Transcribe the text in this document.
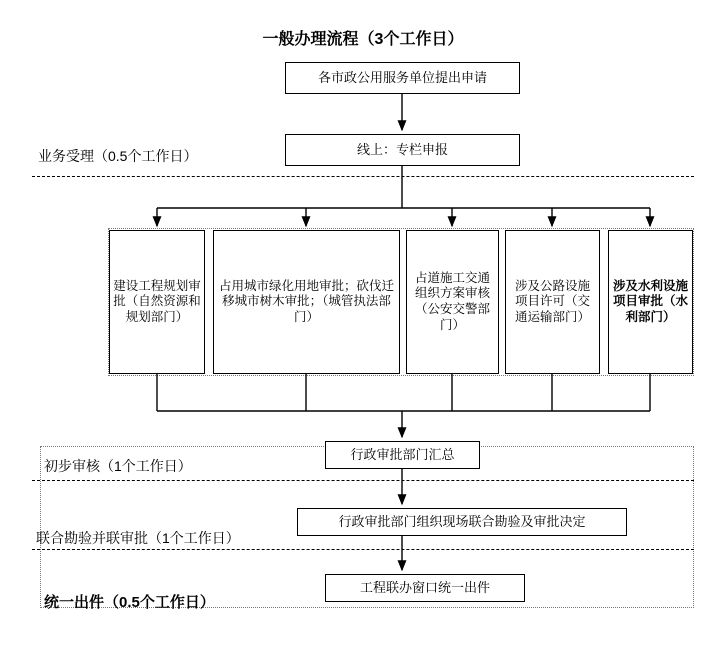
一般办理流程（3个工作日）
各市政公用服务单位提出申请
线上：专栏申报
业务受理（0.5个工作日）
建设工程规划审批（自然资源和规划部门）
占用城市绿化用地审批；砍伐迁移城市树木审批；（城管执法部门）
占道施工交通组织方案审核（公安交警部门）
涉及公路设施项目许可（交通运输部门）
涉及水利设施项目审批（水利部门）
行政审批部门汇总
行政审批部门组织现场联合勘验及审批决定
工程联办窗口统一出件
初步审核（1个工作日）
联合勘验并联审批（1个工作日）
统一出件（0.5个工作日）
